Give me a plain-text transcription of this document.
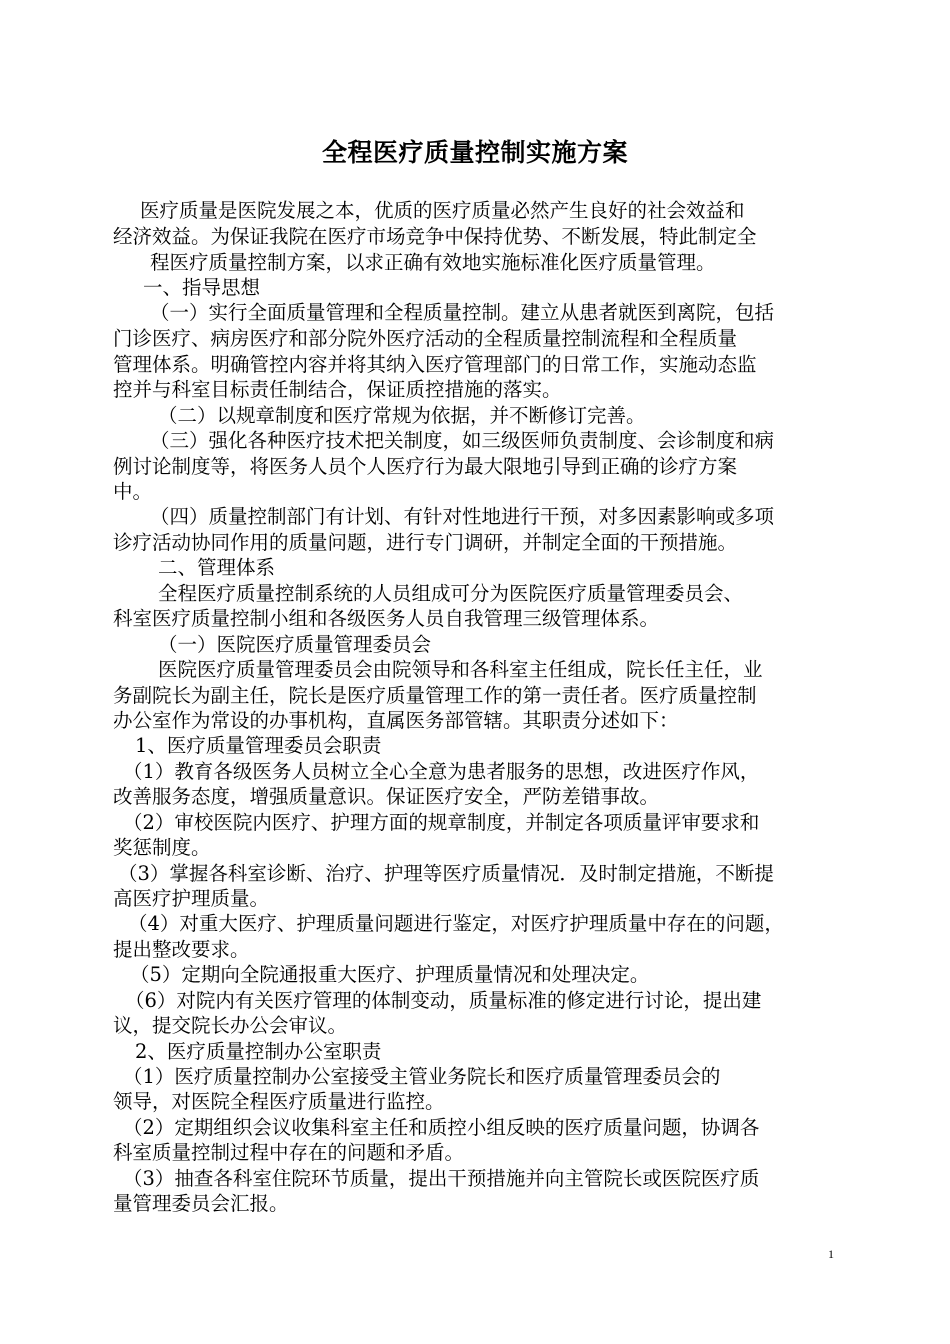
全程医疗质量控制实施方案
医疗质量是医院发展之本，优质的医疗质量必然产生良好的社会效益和
经济效益。为保证我院在医疗市场竞争中保持优势、不断发展，特此制定全
程医疗质量控制方案，以求正确有效地实施标准化医疗质量管理。
一、指导思想
（一）实行全面质量管理和全程质量控制。建立从患者就医到离院，包括
门诊医疗、病房医疗和部分院外医疗活动的全程质量控制流程和全程质量
管理体系。明确管控内容并将其纳入医疗管理部门的日常工作，实施动态监
控并与科室目标责任制结合，保证质控措施的落实。
（二）以规章制度和医疗常规为依据，并不断修订完善。
（三）强化各种医疗技术把关制度，如三级医师负责制度、会诊制度和病
例讨论制度等，将医务人员个人医疗行为最大限地引导到正确的诊疗方案
中。
（四）质量控制部门有计划、有针对性地进行干预，对多因素影响或多项
诊疗活动协同作用的质量问题，进行专门调研，并制定全面的干预措施。
二、管理体系
全程医疗质量控制系统的人员组成可分为医院医疗质量管理委员会、
科室医疗质量控制小组和各级医务人员自我管理三级管理体系。
（一）医院医疗质量管理委员会
医院医疗质量管理委员会由院领导和各科室主任组成，院长任主任，业
务副院长为副主任，院长是医疗质量管理工作的第一责任者。医疗质量控制
办公室作为常设的办事机构，直属医务部管辖。其职责分述如下：
1、医疗质量管理委员会职责
（1）教育各级医务人员树立全心全意为患者服务的思想，改进医疗作风，
改善服务态度，增强质量意识。保证医疗安全，严防差错事故。
（2）审校医院内医疗、护理方面的规章制度，并制定各项质量评审要求和
奖惩制度。
（3）掌握各科室诊断、治疗、护理等医疗质量情况．及时制定措施，不断提
高医疗护理质量。
（4）对重大医疗、护理质量问题进行鉴定，对医疗护理质量中存在的问题，
提出整改要求。
（5）定期向全院通报重大医疗、护理质量情况和处理决定。
（6）对院内有关医疗管理的体制变动，质量标准的修定进行讨论，提出建
议，提交院长办公会审议。
2、医疗质量控制办公室职责
（1）医疗质量控制办公室接受主管业务院长和医疗质量管理委员会的
领导，对医院全程医疗质量进行监控。
（2）定期组织会议收集科室主任和质控小组反映的医疗质量问题，协调各
科室质量控制过程中存在的问题和矛盾。
（3）抽查各科室住院环节质量，提出干预措施并向主管院长或医院医疗质
量管理委员会汇报。
1
